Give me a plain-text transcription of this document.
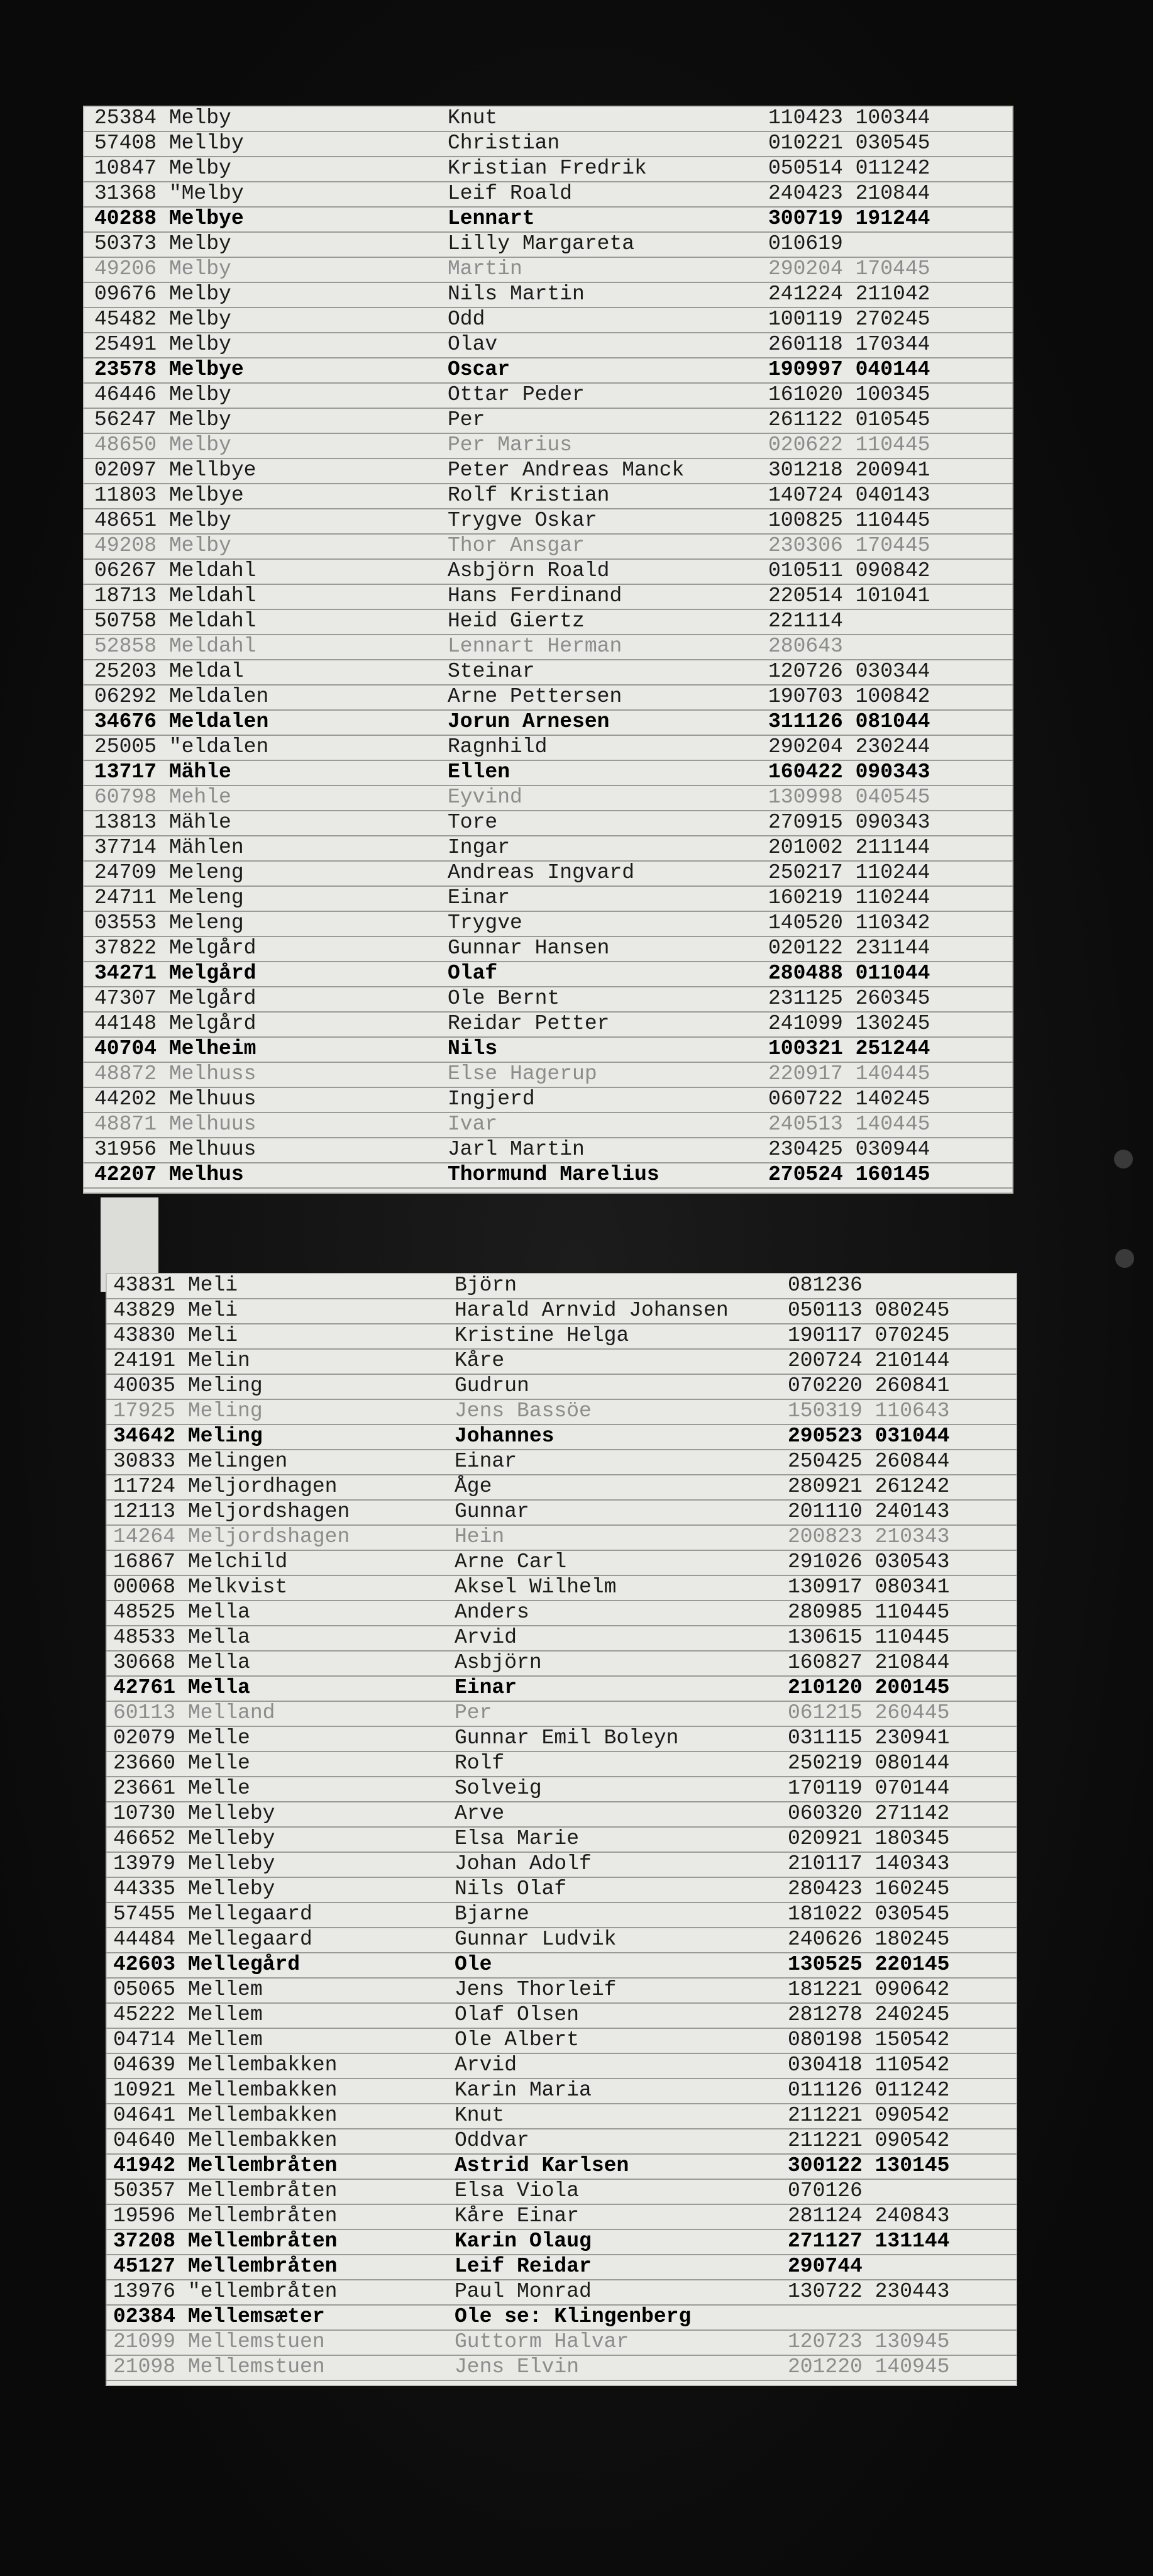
25384 Melby	Knut	110423 100344
57408 Mellby	Christian	010221 030545
10847 Melby	Kristian Fredrik	050514 011242
31368 "Melby	Leif Roald	240423 210844
40288 Melbye	Lennart	300719 191244
50373 Melby	Lilly Margareta	010619
49206 Melby	Martin	290204 170445
09676 Melby	Nils Martin	241224 211042
45482 Melby	Odd	100119 270245
25491 Melby	Olav	260118 170344
23578 Melbye	Oscar	190997 040144
46446 Melby	Ottar Peder	161020 100345
56247 Melby	Per	261122 010545
48650 Melby	Per Marius	020622 110445
02097 Mellbye	Peter Andreas Manck	301218 200941
11803 Melbye	Rolf Kristian	140724 040143
48651 Melby	Trygve Oskar	100825 110445
49208 Melby	Thor Ansgar	230306 170445
06267 Meldahl	Asbjörn Roald	010511 090842
18713 Meldahl	Hans Ferdinand	220514 101041
50758 Meldahl	Heid Giertz	221114
52858 Meldahl	Lennart Herman	280643
25203 Meldal	Steinar	120726 030344
06292 Meldalen	Arne Pettersen	190703 100842
34676 Meldalen	Jorun Arnesen	311126 081044
25005 "eldalen	Ragnhild	290204 230244
13717 Mähle	Ellen	160422 090343
60798 Mehle	Eyvind	130998 040545
13813 Mähle	Tore	270915 090343
37714 Mählen	Ingar	201002 211144
24709 Meleng	Andreas Ingvard	250217 110244
24711 Meleng	Einar	160219 110244
03553 Meleng	Trygve	140520 110342
37822 Melgård	Gunnar Hansen	020122 231144
34271 Melgård	Olaf	280488 011044
47307 Melgård	Ole Bernt	231125 260345
44148 Melgård	Reidar Petter	241099 130245
40704 Melheim	Nils	100321 251244
48872 Melhuss	Else Hagerup	220917 140445
44202 Melhuus	Ingjerd	060722 140245
48871 Melhuus	Ivar	240513 140445
31956 Melhuus	Jarl Martin	230425 030944
42207 Melhus	Thormund Marelius	270524 160145
43831 Meli	Björn	081236
43829 Meli	Harald Arnvid Johansen	050113 080245
43830 Meli	Kristine Helga	190117 070245
24191 Melin	Kåre	200724 210144
40035 Meling	Gudrun	070220 260841
17925 Meling	Jens Bassöe	150319 110643
34642 Meling	Johannes	290523 031044
30833 Melingen	Einar	250425 260844
11724 Meljordhagen	Åge	280921 261242
12113 Meljordshagen	Gunnar	201110 240143
14264 Meljordshagen	Hein	200823 210343
16867 Melchild	Arne Carl	291026 030543
00068 Melkvist	Aksel Wilhelm	130917 080341
48525 Mella	Anders	280985 110445
48533 Mella	Arvid	130615 110445
30668 Mella	Asbjörn	160827 210844
42761 Mella	Einar	210120 200145
60113 Melland	Per	061215 260445
02079 Melle	Gunnar Emil Boleyn	031115 230941
23660 Melle	Rolf	250219 080144
23661 Melle	Solveig	170119 070144
10730 Melleby	Arve	060320 271142
46652 Melleby	Elsa Marie	020921 180345
13979 Melleby	Johan Adolf	210117 140343
44335 Melleby	Nils Olaf	280423 160245
57455 Mellegaard	Bjarne	181022 030545
44484 Mellegaard	Gunnar Ludvik	240626 180245
42603 Mellegård	Ole	130525 220145
05065 Mellem	Jens Thorleif	181221 090642
45222 Mellem	Olaf Olsen	281278 240245
04714 Mellem	Ole Albert	080198 150542
04639 Mellembakken	Arvid	030418 110542
10921 Mellembakken	Karin Maria	011126 011242
04641 Mellembakken	Knut	211221 090542
04640 Mellembakken	Oddvar	211221 090542
41942 Mellembråten	Astrid Karlsen	300122 130145
50357 Mellembråten	Elsa Viola	070126
19596 Mellembråten	Kåre Einar	281124 240843
37208 Mellembråten	Karin Olaug	271127 131144
45127 Mellembråten	Leif Reidar	290744
13976 "ellembråten	Paul Monrad	130722 230443
02384 Mellemsæter	Ole se: Klingenberg
21099 Mellemstuen	Guttorm Halvar	120723 130945
21098 Mellemstuen	Jens Elvin	201220 140945
